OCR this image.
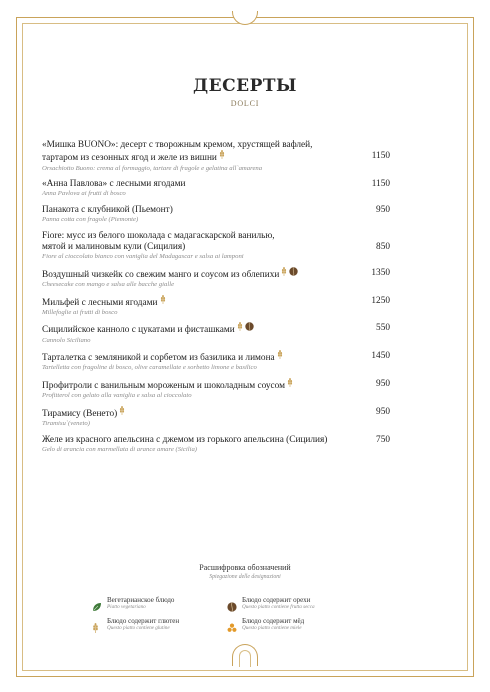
ДЕСЕРТЫ
DOLCI
«Мишка BUONO»: десерт с творожным кремом, хрустящей вафлей,
тартаром из сезонных ягод и желе из вишни	1150
Orsachiotto Buono: crema al formaggio, tartare di fragole e gelatina all`amarena
«Анна Павлова» с лесными ягодами	1150
Anna Pavlova ai frutti di bosco
Панакота с клубникой (Пьемонт)	950
Panna cotta con fragole (Piemonte)
Fiore: мусс из белого шоколада с мадагаскарской ванилью,
мятой и малиновым кули (Сицилия)	850
Fiore al cioccolato bianco con vaniglia del Madagascar e salsa ai lamponi
Воздушный чизкейк со свежим манго и соусом из облепихи	1350
Cheesecake con mango e salsa alle bacche gialle
Мильфей с лесными ягодами	1250
Millefoglie ai frutti di bosco
Сицилийское канноло с цукатами и фисташками	550
Cannolo Siciliano
Тарталетка с земляникой и сорбетом из базилика и лимона	1450
Tartelletta con fragoline di bosco, olive caramellate e sorbetto limone e basilico
Профитроли с ванильным мороженым и шоколадным соусом	950
Profitterol con gelato alla vaniglia e salsa al cioccolato
Тирамису (Венето)	950
Tiramisu`(veneto)
Желе из красного апельсина с джемом из горького апельсина (Сицилия)	750
Gelo di arancia con marmellata di arance amare (Sicilia)
Расшифровка обозначений
Spiegazione delle designazioni
Вегетарианское блюдо
Piatto vegetariano
Блюдо содержит орехи
Questo piatto contiene frutta secca
Блюдо содержит глютен
Questo piatto contiene glutine
Блюдо содержит мёд
Questo piatto contiene miele
